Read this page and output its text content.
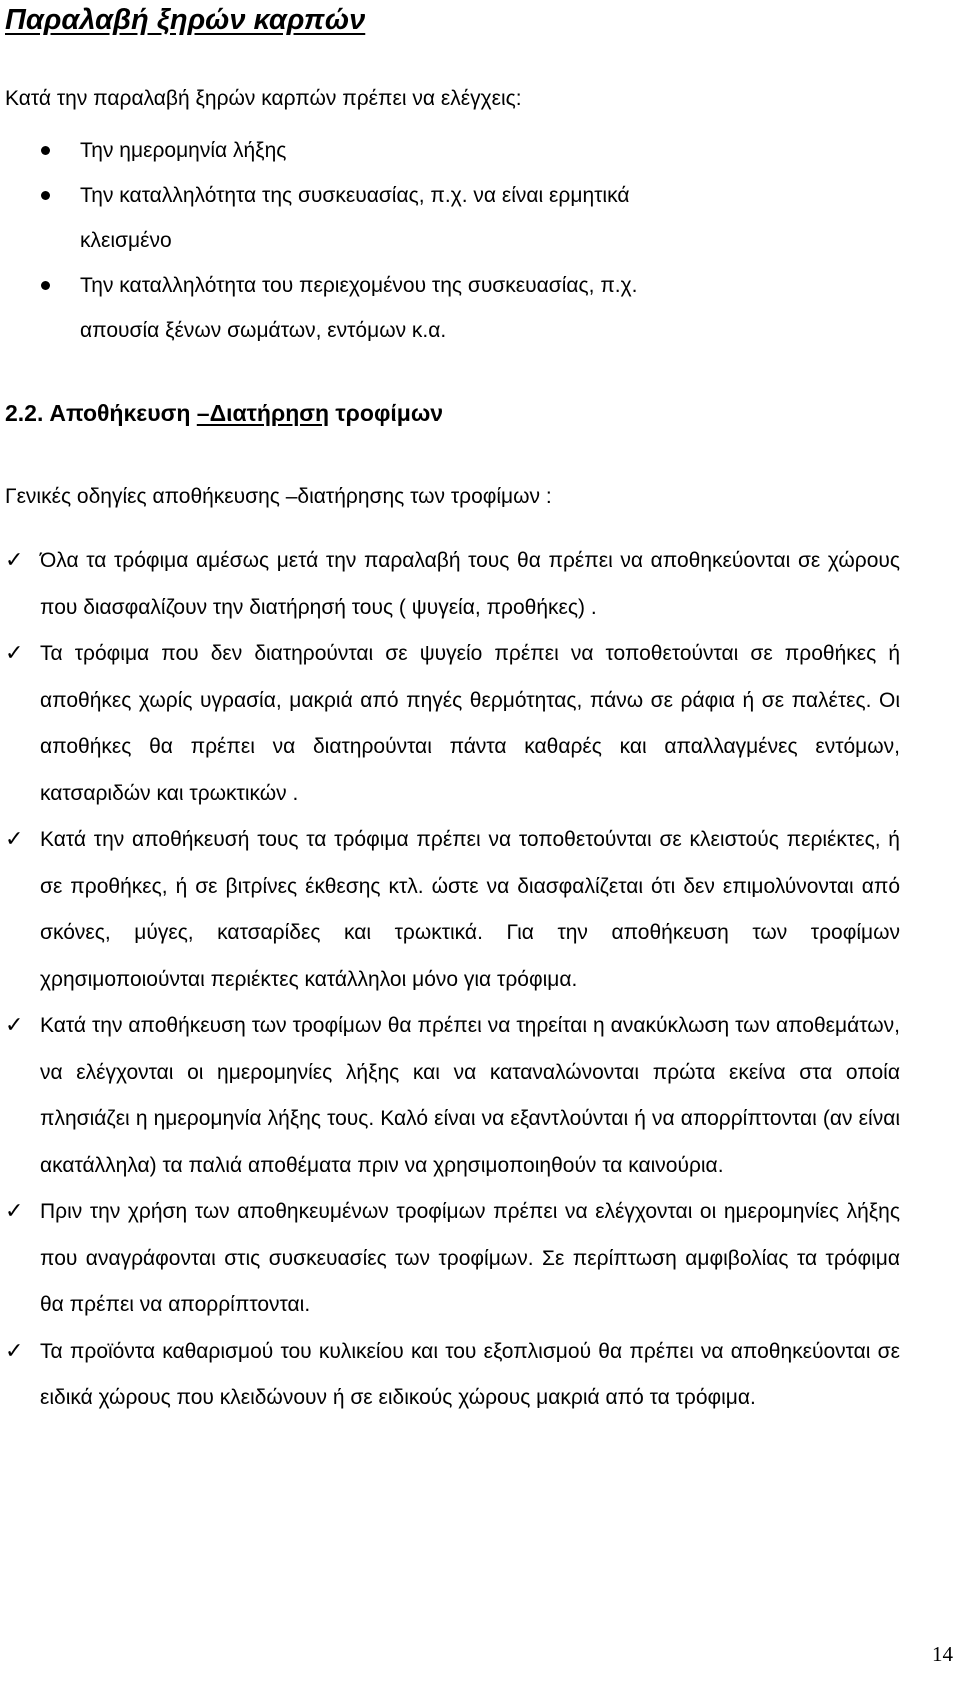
Παραλαβή ξηρών καρπών

Κατά την παραλαβή ξηρών καρπών πρέπει να ελέγχεις:

Την ημερομηνία λήξης
Την καταλληλότητα της συσκευασίας, π.χ. να είναι ερμητικά κλεισμένο
Την καταλληλότητα του περιεχομένου της συσκευασίας, π.χ. απουσία ξένων σωμάτων, εντόμων κ.α.
2.2. Αποθήκευση –Διατήρηση τροφίμων

Γενικές οδηγίες αποθήκευσης –διατήρησης των τροφίμων :

✓ Όλα τα τρόφιμα αμέσως μετά την παραλαβή τους θα πρέπει να αποθηκεύονται σε χώρους που διασφαλίζουν την διατήρησή τους ( ψυγεία, προθήκες) .

✓ Τα τρόφιμα που δεν διατηρούνται σε ψυγείο πρέπει να τοποθετούνται σε προθήκες ή αποθήκες χωρίς υγρασία, μακριά από πηγές θερμότητας, πάνω σε ράφια ή σε παλέτες. Οι αποθήκες θα πρέπει να διατηρούνται πάντα καθαρές και απαλλαγμένες εντόμων, κατσαριδών και τρωκτικών .

✓ Κατά την αποθήκευσή τους τα τρόφιμα πρέπει να τοποθετούνται σε κλειστούς περιέκτες, ή σε προθήκες, ή σε βιτρίνες έκθεσης κτλ. ώστε να διασφαλίζεται ότι δεν επιμολύνονται από σκόνες, μύγες, κατσαρίδες και τρωκτικά. Για την αποθήκευση των τροφίμων χρησιμοποιούνται περιέκτες κατάλληλοι μόνο για τρόφιμα.

✓ Κατά την αποθήκευση των τροφίμων θα πρέπει να τηρείται η ανακύκλωση των αποθεμάτων, να ελέγχονται οι ημερομηνίες λήξης και να καταναλώνονται πρώτα εκείνα στα οποία πλησιάζει η ημερομηνία λήξης τους. Καλό είναι να εξαντλούνται ή να απορρίπτονται (αν είναι ακατάλληλα) τα παλιά αποθέματα πριν να χρησιμοποιηθούν τα καινούρια.

✓ Πριν την χρήση των αποθηκευμένων τροφίμων πρέπει να ελέγχονται οι ημερομηνίες λήξης που αναγράφονται στις συσκευασίες των τροφίμων. Σε περίπτωση αμφιβολίας τα τρόφιμα θα πρέπει να απορρίπτονται.

✓ Τα προϊόντα καθαρισμού του κυλικείου και του εξοπλισμού θα πρέπει να αποθηκεύονται σε ειδικά χώρους που κλειδώνουν ή σε ειδικούς χώρους μακριά από τα τρόφιμα.

14
